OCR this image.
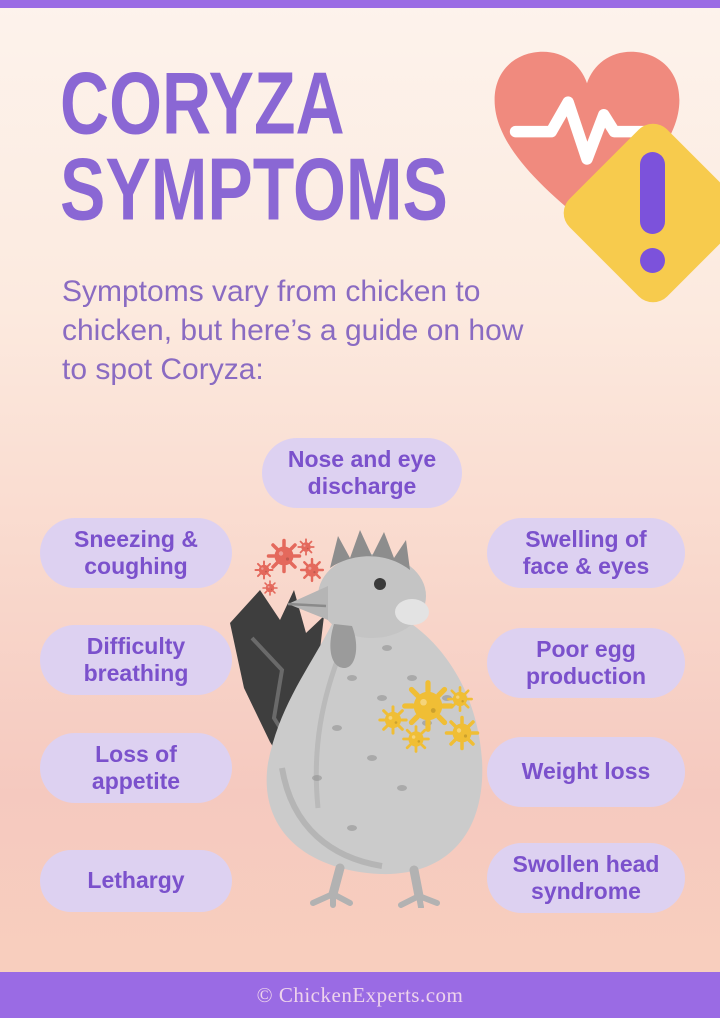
CORYZA
SYMPTOMS
Symptoms vary from chicken to
chicken, but here’s a guide on how
to spot Coryza:
Nose and eye discharge
Sneezing & coughing
Swelling of face & eyes
Difficulty breathing
Poor egg production
Loss of appetite	Weight loss
Lethargy
Swollen head syndrome
© ChickenExperts.com
